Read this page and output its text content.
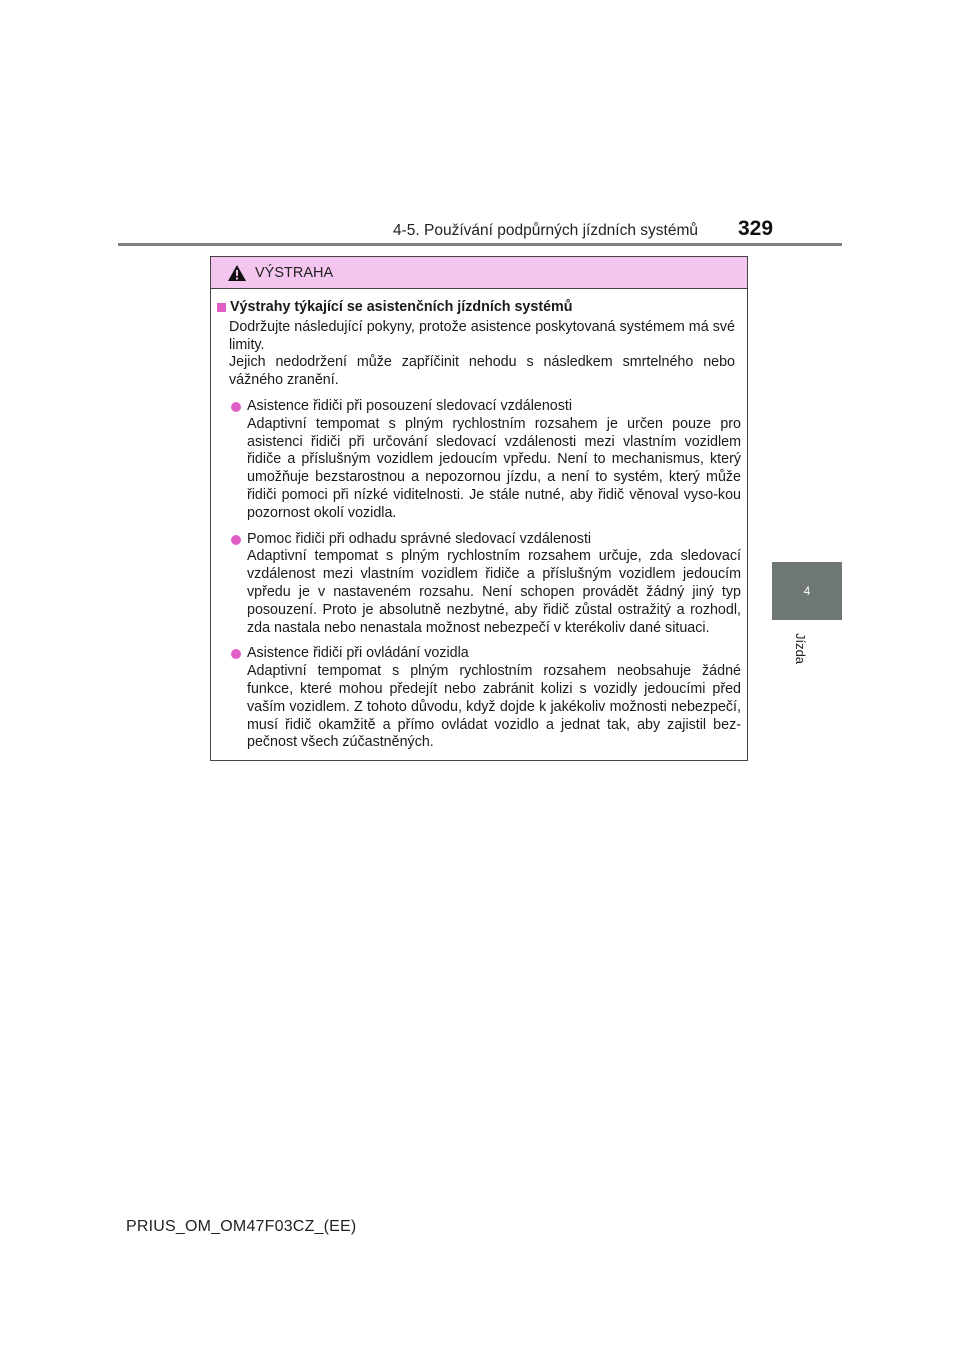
4-5. Používání podpůrných jízdních systémů 329
4
Jízda
VÝSTRAHA
Výstrahy týkající se asistenčních jízdních systémů

Dodržujte následující pokyny, protože asistence poskytovaná systémem má své limity.

Jejich nedodržení může zapříčinit nehodu s následkem smrtelného nebo vážného zranění.

Asistence řidiči při posouzení sledovací vzdálenosti

Adaptivní tempomat s plným rychlostním rozsahem je určen pouze pro asistenci řidiči při určování sledovací vzdálenosti mezi vlastním vozidlem řidiče a příslušným vozidlem jedoucím vpředu. Není to mechanismus, který umožňuje bezstarostnou a nepozornou jízdu, a není to systém, který může řidiči pomoci při nízké viditelnosti. Je stále nutné, aby řidič věnoval vyso-kou pozornost okolí vozidla.

Pomoc řidiči při odhadu správné sledovací vzdálenosti

Adaptivní tempomat s plným rychlostním rozsahem určuje, zda sledovací vzdálenost mezi vlastním vozidlem řidiče a příslušným vozidlem jedoucím vpředu je v nastaveném rozsahu. Není schopen provádět žádný jiný typ posouzení. Proto je absolutně nezbytné, aby řidič zůstal ostražitý a rozhodl, zda nastala nebo nenastala možnost nebezpečí v kterékoliv dané situaci.

Asistence řidiči při ovládání vozidla

Adaptivní tempomat s plným rychlostním rozsahem neobsahuje žádné funkce, které mohou předejít nebo zabránit kolizi s vozidly jedoucími před vaším vozidlem. Z tohoto důvodu, když dojde k jakékoliv možnosti nebezpečí, musí řidič okamžitě a přímo ovládat vozidlo a jednat tak, aby zajistil bez-pečnost všech zúčastněných.

PRIUS_OM_OM47F03CZ_(EE)
